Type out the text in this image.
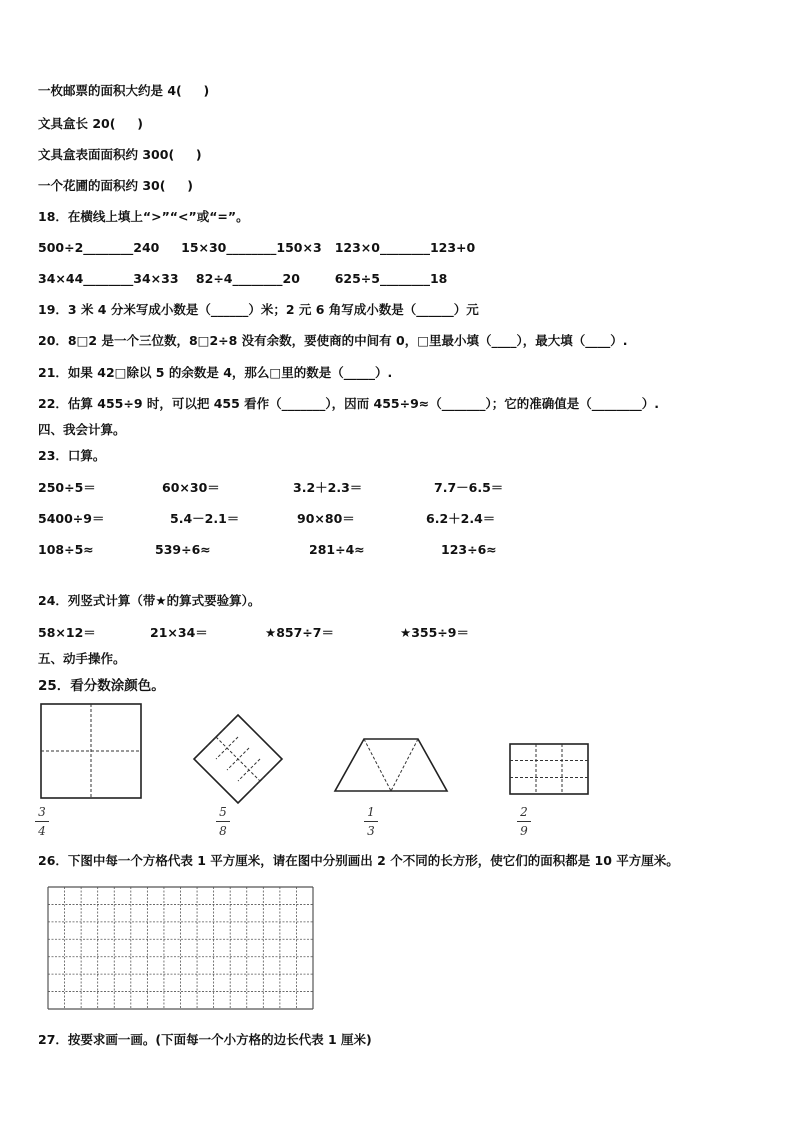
一枚邮票的面积大约是 4(     )
文具盒长 20(     )
文具盒表面面积约 300(     )
一个花圃的面积约 30(     )
18．在横线上填上“>”“<”或“=”。
500÷2________240     15×30________150×3   123×0________123+0
34×44________34×33    82÷4________20        625÷5________18
19．3 米 4 分米写成小数是（______）米；2 元 6 角写成小数是（______）元
20．8□2 是一个三位数，8□2÷8 没有余数，要使商的中间有 0，□里最小填（____），最大填（____）.
21．如果 42□除以 5 的余数是 4，那么□里的数是（_____）.
22．估算 455÷9 时，可以把 455 看作（_______），因而 455÷9≈（_______）；它的准确值是（________）.
四、我会计算。
23．口算。
250÷5＝	60×30＝	3.2＋2.3＝	7.7－6.5＝
5400÷9＝	5.4－2.1＝	90×80＝	6.2＋2.4＝
108÷5≈	539÷6≈	281÷4≈	123÷6≈
24．列竖式计算（带★的算式要验算）。
58×12＝	21×34＝	★857÷7＝	★355÷9＝
五、动手操作。
25．看分数涂颜色。
3
4
5
8
1
3
2
9
26．下图中每一个方格代表 1 平方厘米，请在图中分别画出 2 个不同的长方形，使它们的面积都是 10 平方厘米。
27．按要求画一画。(下面每一个小方格的边长代表 1 厘米)
